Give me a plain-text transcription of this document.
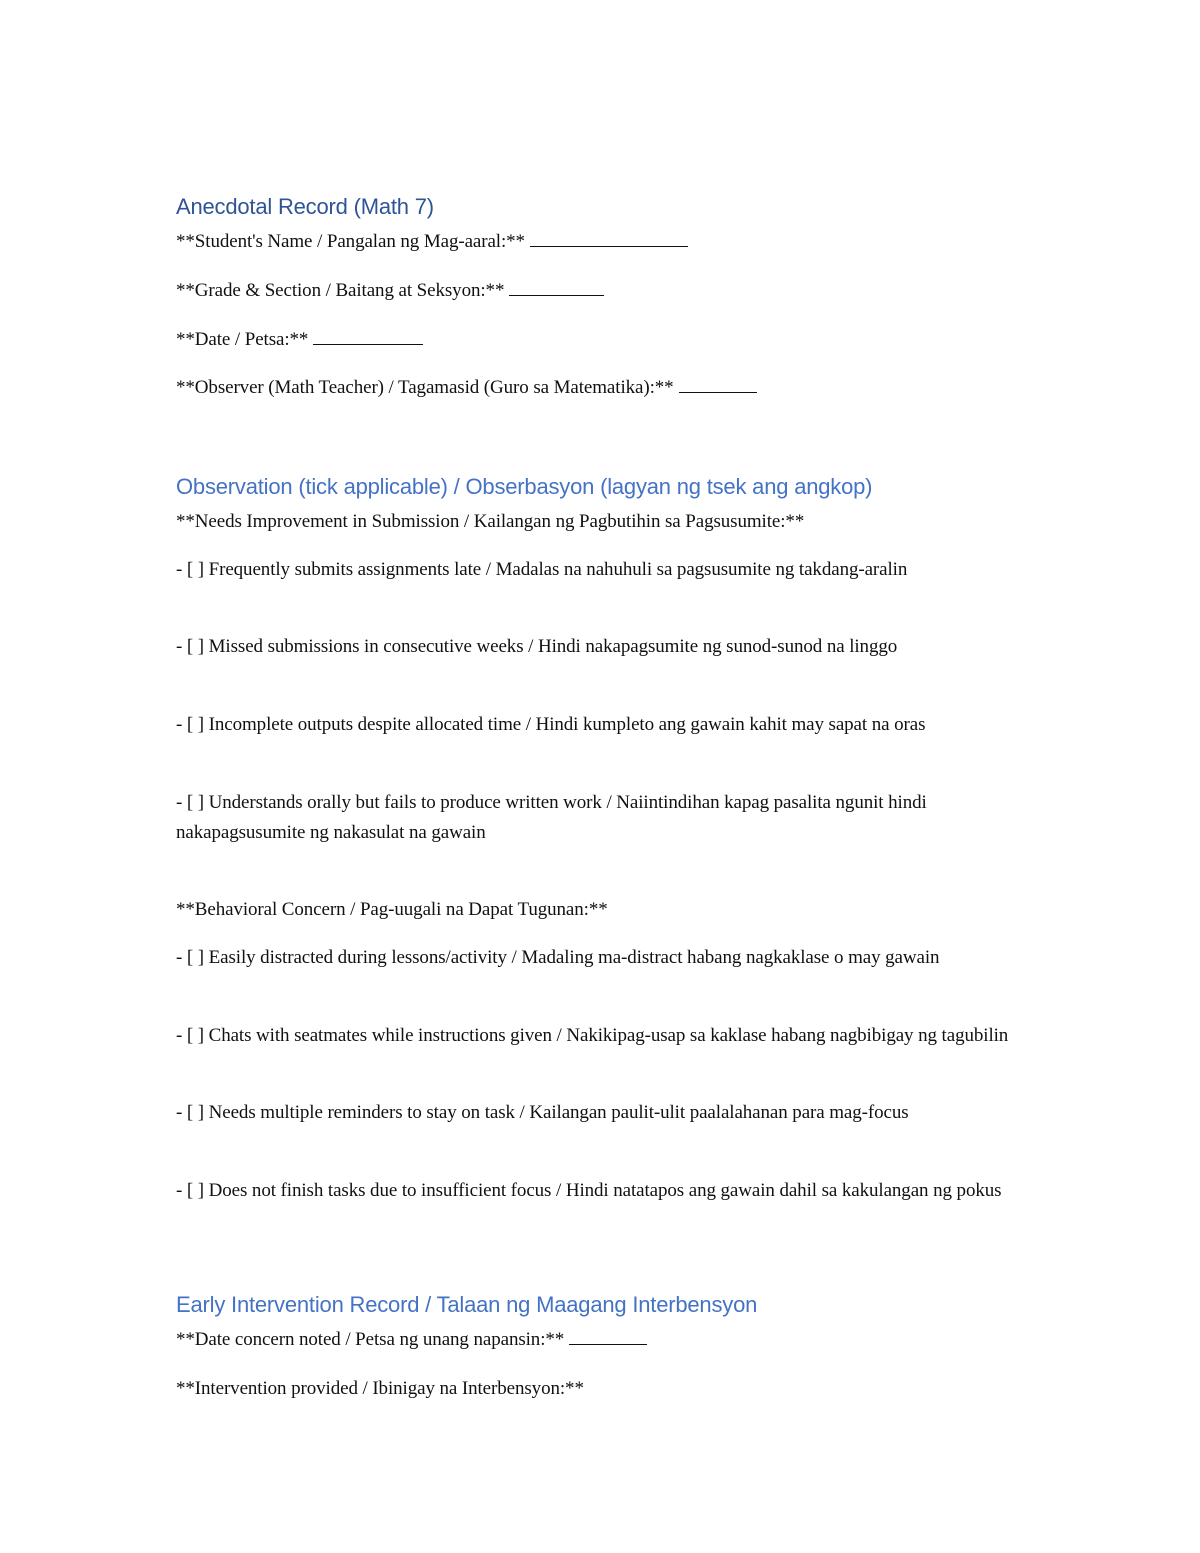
Anecdotal Record (Math 7)
**Student's Name / Pangalan ng Mag-aaral:**
**Grade & Section / Baitang at Seksyon:**
**Date / Petsa:**
**Observer (Math Teacher) / Tagamasid (Guro sa Matematika):**
Observation (tick applicable) / Obserbasyon (lagyan ng tsek ang angkop)
**Needs Improvement in Submission / Kailangan ng Pagbutihin sa Pagsusumite:**
- [ ] Frequently submits assignments late / Madalas na nahuhuli sa pagsusumite ng takdang-aralin
- [ ] Missed submissions in consecutive weeks / Hindi nakapagsumite ng sunod-sunod na linggo
- [ ] Incomplete outputs despite allocated time / Hindi kumpleto ang gawain kahit may sapat na oras
- [ ] Understands orally but fails to produce written work / Naiintindihan kapag pasalita ngunit hindi nakapagsusumite ng nakasulat na gawain
**Behavioral Concern / Pag-uugali na Dapat Tugunan:**
- [ ] Easily distracted during lessons/activity / Madaling ma-distract habang nagkaklase o may gawain
- [ ] Chats with seatmates while instructions given / Nakikipag-usap sa kaklase habang nagbibigay ng tagubilin
- [ ] Needs multiple reminders to stay on task / Kailangan paulit-ulit paalalahanan para mag-focus
- [ ] Does not finish tasks due to insufficient focus / Hindi natatapos ang gawain dahil sa kakulangan ng pokus
Early Intervention Record / Talaan ng Maagang Interbensyon
**Date concern noted / Petsa ng unang napansin:**
**Intervention provided / Ibinigay na Interbensyon:**
